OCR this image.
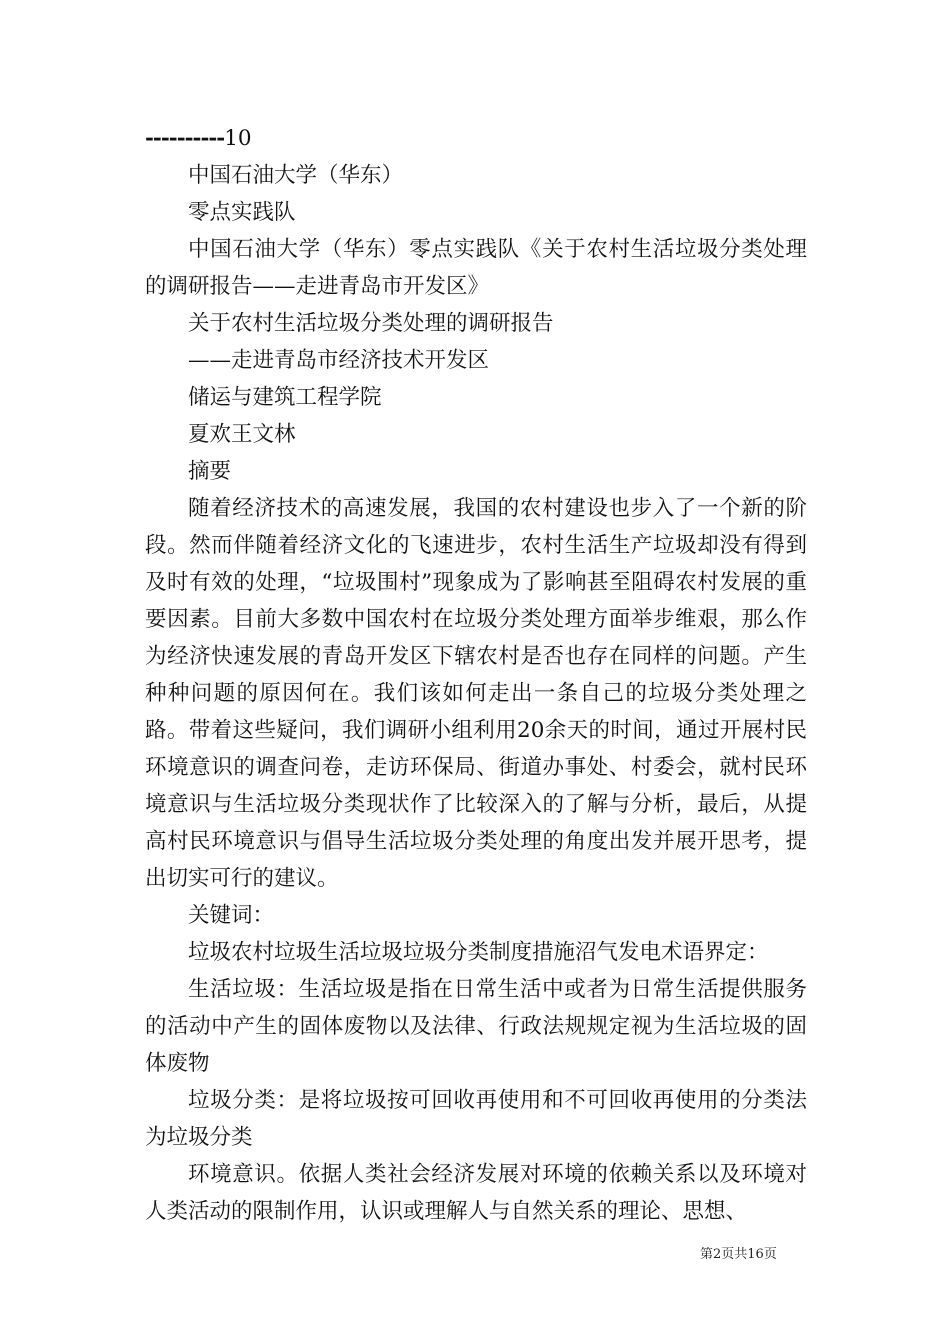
----------10

中国石油大学（华东）

零点实践队

中国石油大学（华东）零点实践队《关于农村生活垃圾分类处理的调研报告——走进青岛市开发区》

关于农村生活垃圾分类处理的调研报告

——走进青岛市经济技术开发区

储运与建筑工程学院

夏欢王文林

摘要

随着经济技术的高速发展，我国的农村建设也步入了一个新的阶段。然而伴随着经济文化的飞速进步，农村生活生产垃圾却没有得到及时有效的处理，“垃圾围村”现象成为了影响甚至阻碍农村发展的重要因素。目前大多数中国农村在垃圾分类处理方面举步维艰，那么作为经济快速发展的青岛开发区下辖农村是否也存在同样的问题。产生种种问题的原因何在。我们该如何走出一条自己的垃圾分类处理之路。带着这些疑问，我们调研小组利用20余天的时间，通过开展村民环境意识的调查问卷，走访环保局、街道办事处、村委会，就村民环境意识与生活垃圾分类现状作了比较深入的了解与分析，最后，从提高村民环境意识与倡导生活垃圾分类处理的角度出发并展开思考，提出切实可行的建议。

关键词：

垃圾农村垃圾生活垃圾垃圾分类制度措施沼气发电术语界定：

生活垃圾：生活垃圾是指在日常生活中或者为日常生活提供服务的活动中产生的固体废物以及法律、行政法规规定视为生活垃圾的固体废物

垃圾分类：是将垃圾按可回收再使用和不可回收再使用的分类法为垃圾分类

环境意识。依据人类社会经济发展对环境的依赖关系以及环境对人类活动的限制作用，认识或理解人与自然关系的理论、思想、

第2页共16页
